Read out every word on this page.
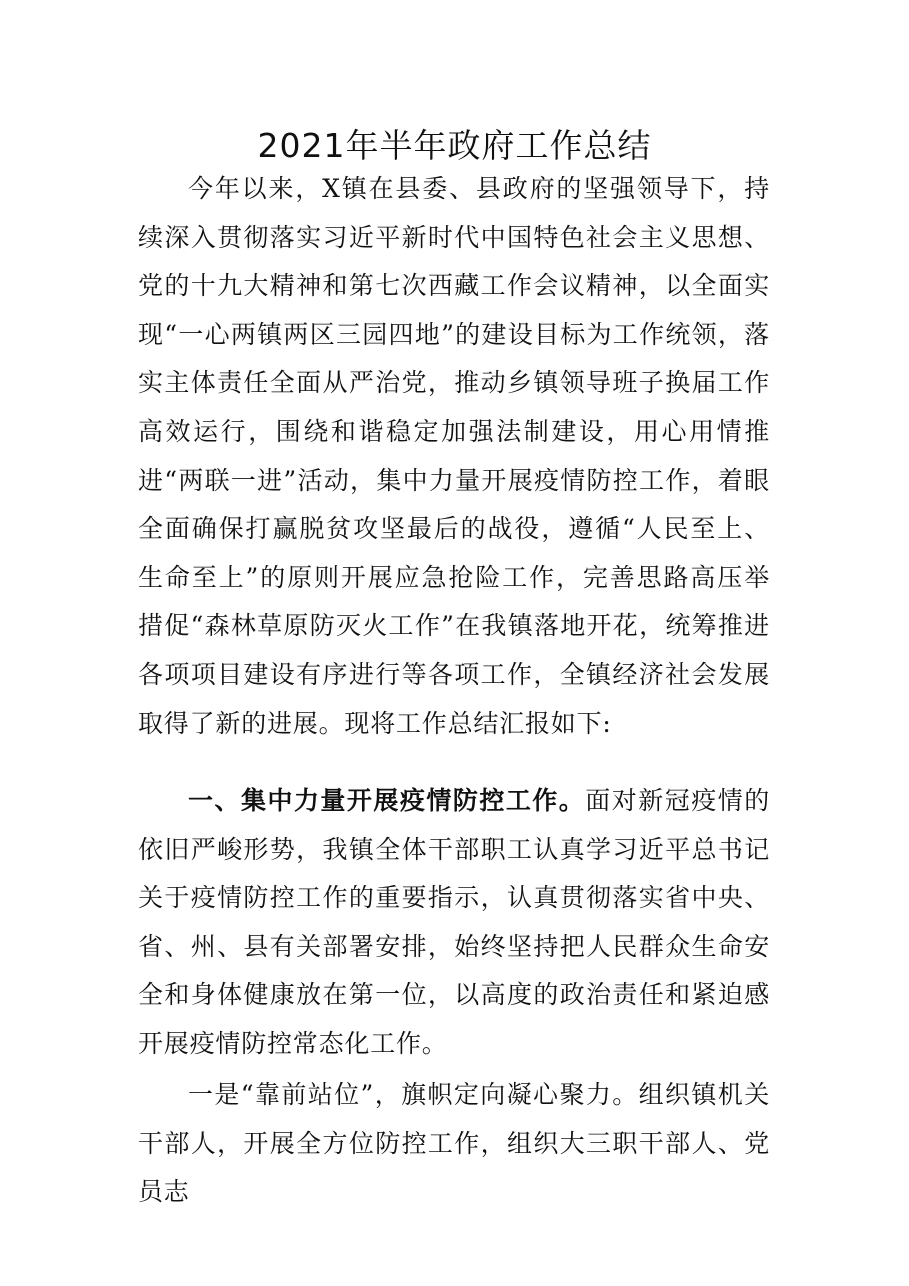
2021年半年政府工作总结

今年以来，X镇在县委、县政府的坚强领导下，持续深入贯彻落实习近平新时代中国特色社会主义思想、党的十九大精神和第七次西藏工作会议精神，以全面实现“一心两镇两区三园四地”的建设目标为工作统领，落实主体责任全面从严治党，推动乡镇领导班子换届工作高效运行，围绕和谐稳定加强法制建设，用心用情推进“两联一进”活动，集中力量开展疫情防控工作，着眼全面确保打赢脱贫攻坚最后的战役，遵循“人民至上、生命至上”的原则开展应急抢险工作，完善思路高压举措促“森林草原防灭火工作”在我镇落地开花，统筹推进各项项目建设有序进行等各项工作，全镇经济社会发展取得了新的进展。现将工作总结汇报如下:

一、集中力量开展疫情防控工作。面对新冠疫情的依旧严峻形势，我镇全体干部职工认真学习近平总书记关于疫情防控工作的重要指示，认真贯彻落实省中央、省、州、县有关部署安排，始终坚持把人民群众生命安全和身体健康放在第一位，以高度的政治责任和紧迫感开展疫情防控常态化工作。

一是“靠前站位”，旗帜定向凝心聚力。组织镇机关干部人，开展全方位防控工作，组织大三职干部人、党员志
